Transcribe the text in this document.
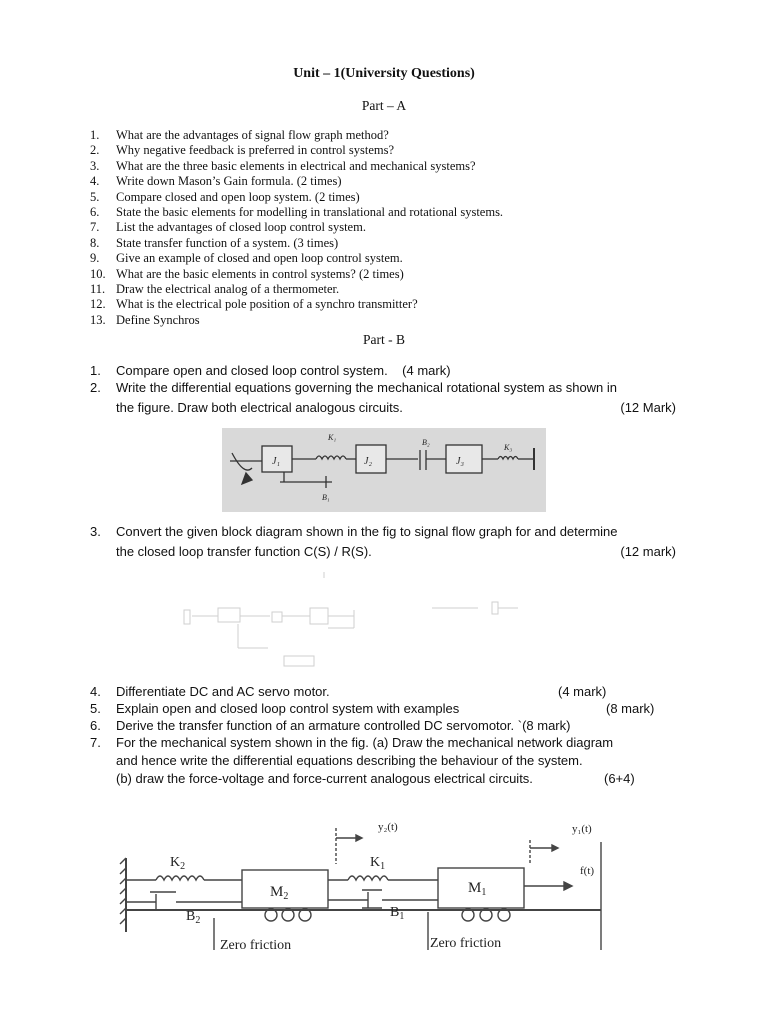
Unit – 1(University Questions)
Part – A
1. What are the advantages of signal flow graph method?
2. Why negative feedback is preferred in control systems?
3. What are the three basic elements in electrical and mechanical systems?
4. Write down Mason’s Gain formula. (2 times)
5. Compare closed and open loop system. (2 times)
6. State the basic elements for modelling in translational and rotational systems.
7. List the advantages of closed loop control system.
8. State transfer function of a system. (3 times)
9. Give an example of closed and open loop control system.
10. What are the basic elements in control systems? (2 times)
11. Draw the electrical analog of a thermometer.
12. What is the electrical pole position of a synchro transmitter?
13. Define Synchros
Part - B
1.	Compare open and closed loop control system. (4 mark)
2.	Write the differential equations governing the mechanical rotational system as shown in
the figure. Draw both electrical analogous circuits.	(12 Mark)
J₁
K₁
J₂
B₂
J₃
K₃
B₁
3.	Convert the given block diagram shown in the fig to signal flow graph for and determine
the closed loop transfer function C(S) / R(S).	(12 mark)
4.	Differentiate DC and AC servo motor.	(4 mark)
5.	Explain open and closed loop control system with examples	(8 mark)
6.	Derive the transfer function of an armature controlled DC servomotor. `(8 mark)
7.	For the mechanical system shown in the fig. (a) Draw the mechanical network diagram
and hence write the differential equations describing the behaviour of the system.
(b) draw the force-voltage and force-current analogous electrical circuits.	(6+4)
$K_2$
$M_2$
$K_1$
$M_1$
$B_2$
$B_1$
y₂(t)	y₁(t)
f(t)
Zero friction	Zero friction
